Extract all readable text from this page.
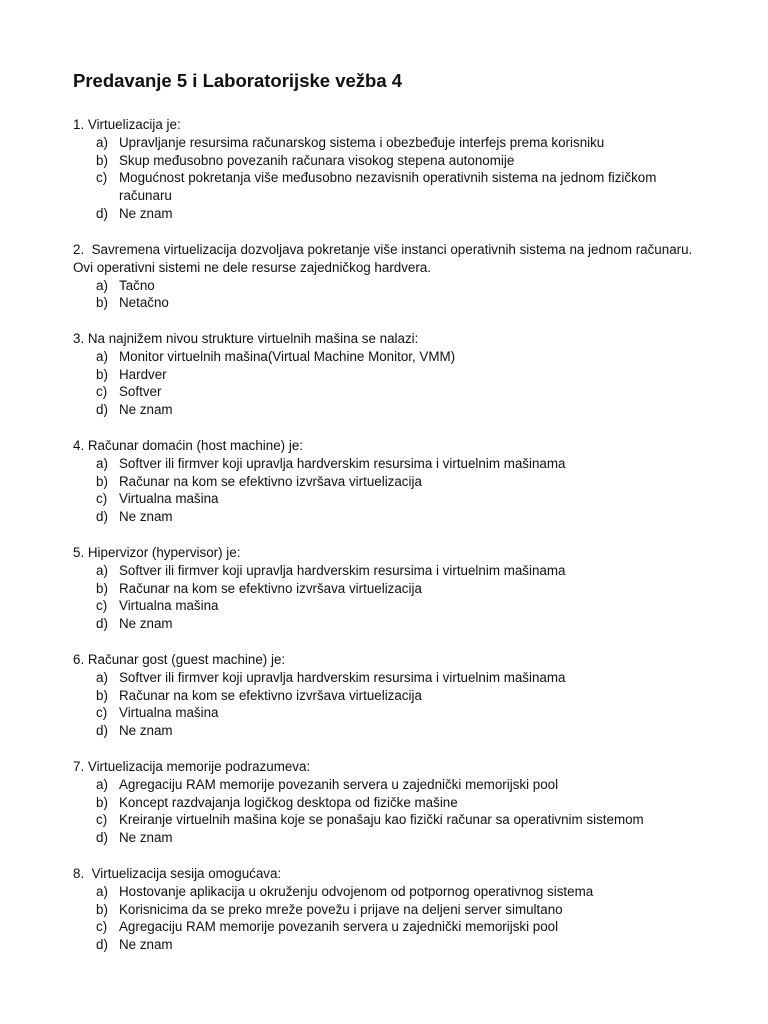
Predavanje 5 i Laboratorijske vežba 4
1. Virtuelizacija je:
a) Upravljanje resursima računarskog sistema i obezbeđuje interfejs prema korisniku
b) Skup međusobno povezanih računara visokog stepena autonomije
c) Mogućnost pokretanja više međusobno nezavisnih operativnih sistema na jednom fizičkom računaru
d) Ne znam
2.  Savremena virtuelizacija dozvoljava pokretanje više instanci operativnih sistema na jednom računaru. Ovi operativni sistemi ne dele resurse zajedničkog hardvera.
a) Tačno
b) Netačno
3. Na najnižem nivou strukture virtuelnih mašina se nalazi:
a) Monitor virtuelnih mašina(Virtual Machine Monitor, VMM)
b) Hardver
c) Softver
d) Ne znam
4. Računar domaćin (host machine) je:
a) Softver ili firmver koji upravlja hardverskim resursima i virtuelnim mašinama
b) Računar na kom se efektivno izvršava virtuelizacija
c) Virtualna mašina
d) Ne znam
5. Hipervizor (hypervisor) je:
a) Softver ili firmver koji upravlja hardverskim resursima i virtuelnim mašinama
b) Računar na kom se efektivno izvršava virtuelizacija
c) Virtualna mašina
d) Ne znam
6. Računar gost (guest machine) je:
a) Softver ili firmver koji upravlja hardverskim resursima i virtuelnim mašinama
b) Računar na kom se efektivno izvršava virtuelizacija
c) Virtualna mašina
d) Ne znam
7. Virtuelizacija memorije podrazumeva:
a) Agregaciju RAM memorije povezanih servera u zajednički memorijski pool
b) Koncept razdvajanja logičkog desktopa od fizičke mašine
c) Kreiranje virtuelnih mašina koje se ponašaju kao fizički računar sa operativnim sistemom
d) Ne znam
8.  Virtuelizacija sesija omogućava:
a) Hostovanje aplikacija u okruženju odvojenom od potpornog operativnog sistema
b) Korisnicima da se preko mreže povežu i prijave na deljeni server simultano
c) Agregaciju RAM memorije povezanih servera u zajednički memorijski pool
d) Ne znam
